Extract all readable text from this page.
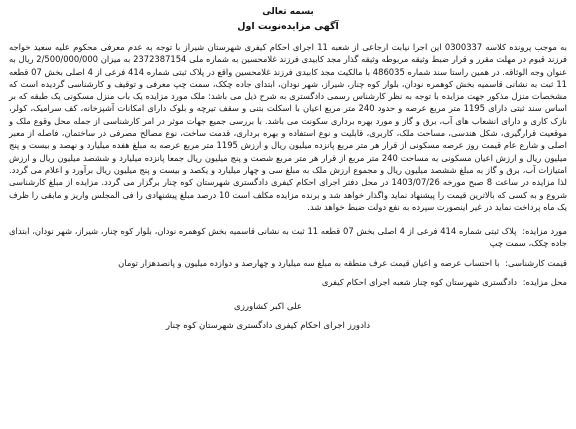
بسمه تعالی
آگهی مزایده‌نوبت اول

به موجب پرونده کلاسه 0300337 این اجرا نیابت ارجاعی از شعبه 11 اجرای احکام کیفری شهرستان شیراز با توجه به عدم معرفی محکوم علیه سعید خواجه فرزند قیوم در مهلت مقرر و قرار ضبط وثیقه مربوطه وثیقه گذار مجد کابیدی فرزند غلامحسین به شماره ملی 2372387154 به میزان 2/500/000/000 ریال به عنوان وجه الوثاقه. در همین راستا سند شماره 486035 با مالکیت مجد کابیدی فرزند غلامحسین واقع در پلاک ثبتی شماره 414 فرعی از 4 اصلی بخش 07 قطعه 11 ثبت به نشانی قاسمیه بخش کوهمره نودان، بلوار کوه چنار، شیراز، شهر نودان، ابتدای جاده چکک، سمت چپ معرفی و توقیف و کارشناسی گردیده است که مشخصات منزل مذکور جهت مزایده با توجه به نظر کارشناس رسمی دادگستری به شرح ذیل می باشد: ملک مورد مزایده یک باب منزل مسکونی یک طبقه که بر اساس سند ثبتی دارای 1195 متر مربع عرصه و حدود 240 متر مربع اعیان با اسکلت بتنی و سقف تیرچه و بلوک دارای امکانات آشپزخانه، کف سرامیک، کولر، نازک کاری و دارای انشعاب های آب، برق و گاز و مورد بهره برداری سکونت می باشد. با بررسی جمیع جهات موثر در امر کارشناسی از جمله محل وقوع ملک و موقعیت قرارگیری، شکل هندسی، مساحت ملک، کاربری، قابلیت و نوع استفاده و بهره برداری، قدمت ساخت، نوع مصالح مصرفی در ساختمان، فاصله از معبر اصلی و شارع عام قیمت روز عرصه مسکونی از قرار هر متر مربع پانزده میلیون ریال و ارزش 1195 متر مربع عرصه به مبلغ هفده میلیارد و نهصد و بیست و پنج میلیون ریال و ارزش اعیان مسکونی به مساحت 240 متر مربع از قرار هر متر مربع شصت و پنج میلیون ریال جمعا پانزده میلیارد و ششصد میلیون ریال و ارزش امتیازات آب، برق و گاز به مبلغ ششصد میلیون ریال و مجموع ارزش ملک به مبلغ سی و چهار میلیارد و یکصد و بیست و پنج میلیون ریال برآورد و اعلام می گردد. لذا مزایده در ساعت 8 صبح مورخه 1403/07/26 در محل دفتر اجرای احکام کیفری دادگستری شهرستان کوه چنار برگزار می گردد. مزایده از مبلغ کارشناسی شروع و به کسی که بالاترین قیمت را پیشنهاد نماید واگذار خواهد شد و برنده مزایده مکلف است 10 درصد مبلغ پیشنهادی را فی المجلس واریز و مابقی را ظرف یک ماه پرداخت نماید در غیر اینصورت سپرده به نفع دولت ضبط خواهد شد.

مورد مزایده: پلاک ثبتی شماره 414 فرعی از 4 اصلی بخش 07 قطعه 11 ثبت به نشانی قاسمیه بخش کوهمره نودان، بلوار کوه چنار، شیراز، شهر نودان، ابتدای جاده چکک، سمت چپ
قیمت کارشناسی: با احتساب عرصه و اعیان قیمت عرف منطقه به مبلغ سه میلیارد و چهارصد و دوازده میلیون و پانصدهزار تومان
محل مزایده: دادگستری شهرستان کوه چنار شعبه اجرای احکام کیفری
علی اکبر کشاورزی
دادورز اجرای احکام کیفری دادگستری شهرستان کوه چنار
